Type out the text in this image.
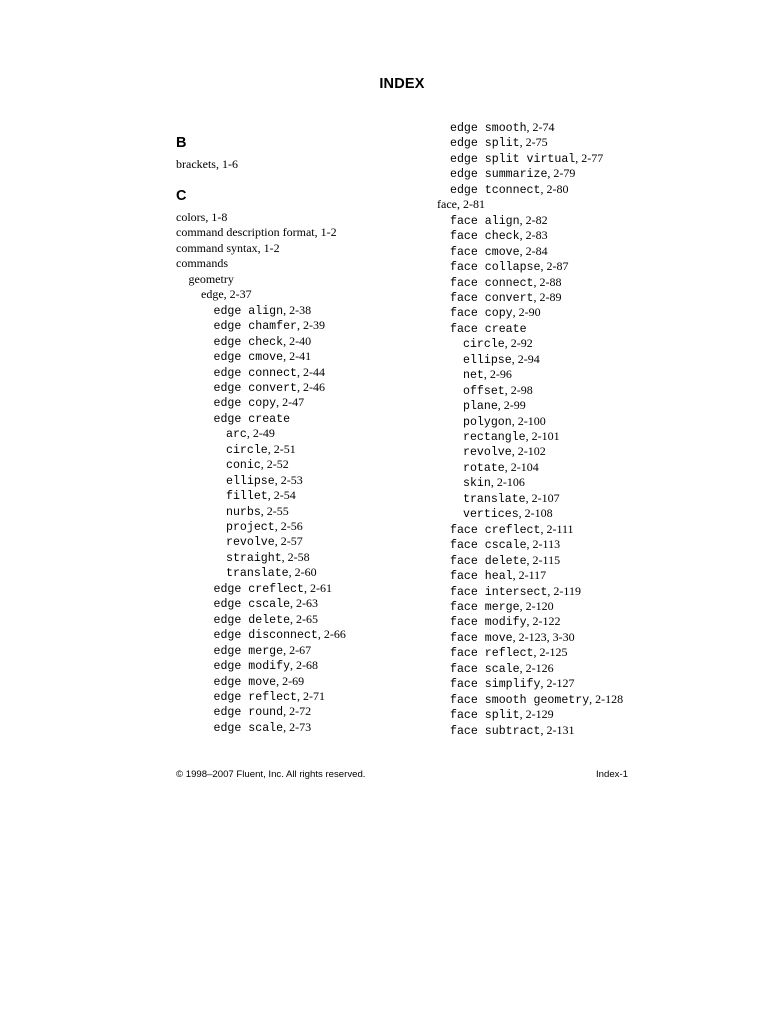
INDEX
B
C
brackets, 1-6
colors, 1-8
command description format, 1-2
command syntax, 1-2
commands
geometry
edge, 2-37
edge align, 2-38
edge chamfer, 2-39
edge check, 2-40
edge cmove, 2-41
edge connect, 2-44
edge convert, 2-46
edge copy, 2-47
edge create
arc, 2-49
circle, 2-51
conic, 2-52
ellipse, 2-53
fillet, 2-54
nurbs, 2-55
project, 2-56
revolve, 2-57
straight, 2-58
translate, 2-60
edge creflect, 2-61
edge cscale, 2-63
edge delete, 2-65
edge disconnect, 2-66
edge merge, 2-67
edge modify, 2-68
edge move, 2-69
edge reflect, 2-71
edge round, 2-72
edge scale, 2-73
edge smooth, 2-74
edge split, 2-75
edge split virtual, 2-77
edge summarize, 2-79
edge tconnect, 2-80
face, 2-81
face align, 2-82
face check, 2-83
face cmove, 2-84
face collapse, 2-87
face connect, 2-88
face convert, 2-89
face copy, 2-90
face create
circle, 2-92
ellipse, 2-94
net, 2-96
offset, 2-98
plane, 2-99
polygon, 2-100
rectangle, 2-101
revolve, 2-102
rotate, 2-104
skin, 2-106
translate, 2-107
vertices, 2-108
face creflect, 2-111
face cscale, 2-113
face delete, 2-115
face heal, 2-117
face intersect, 2-119
face merge, 2-120
face modify, 2-122
face move, 2-123, 3-30
face reflect, 2-125
face scale, 2-126
face simplify, 2-127
face smooth geometry, 2-128
face split, 2-129
face subtract, 2-131
© 1998–2007 Fluent, Inc. All rights reserved.	Index-1
